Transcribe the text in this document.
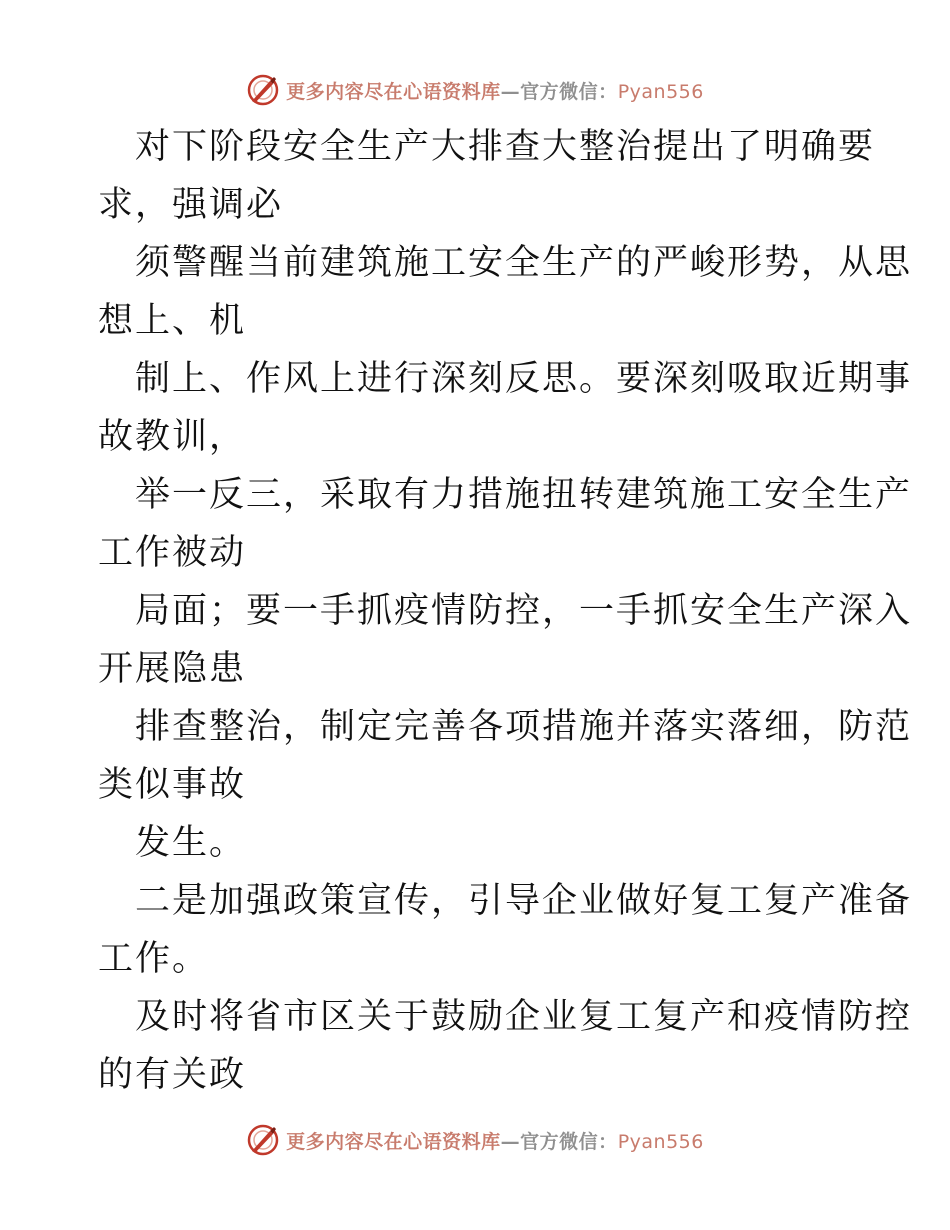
更多内容尽在心语资料库—官方微信：Pyan556
对下阶段安全生产大排查大整治提出了明确要
求，强调必
须警醒当前建筑施工安全生产的严峻形势，从思
想上、机
制上、作风上进行深刻反思。要深刻吸取近期事
故教训，
举一反三，采取有力措施扭转建筑施工安全生产
工作被动
局面；要一手抓疫情防控，一手抓安全生产深入
开展隐患
排查整治，制定完善各项措施并落实落细，防范
类似事故
发生。
二是加强政策宣传，引导企业做好复工复产准备
工作。
及时将省市区关于鼓励企业复工复产和疫情防控
的有关政
更多内容尽在心语资料库—官方微信：Pyan556
